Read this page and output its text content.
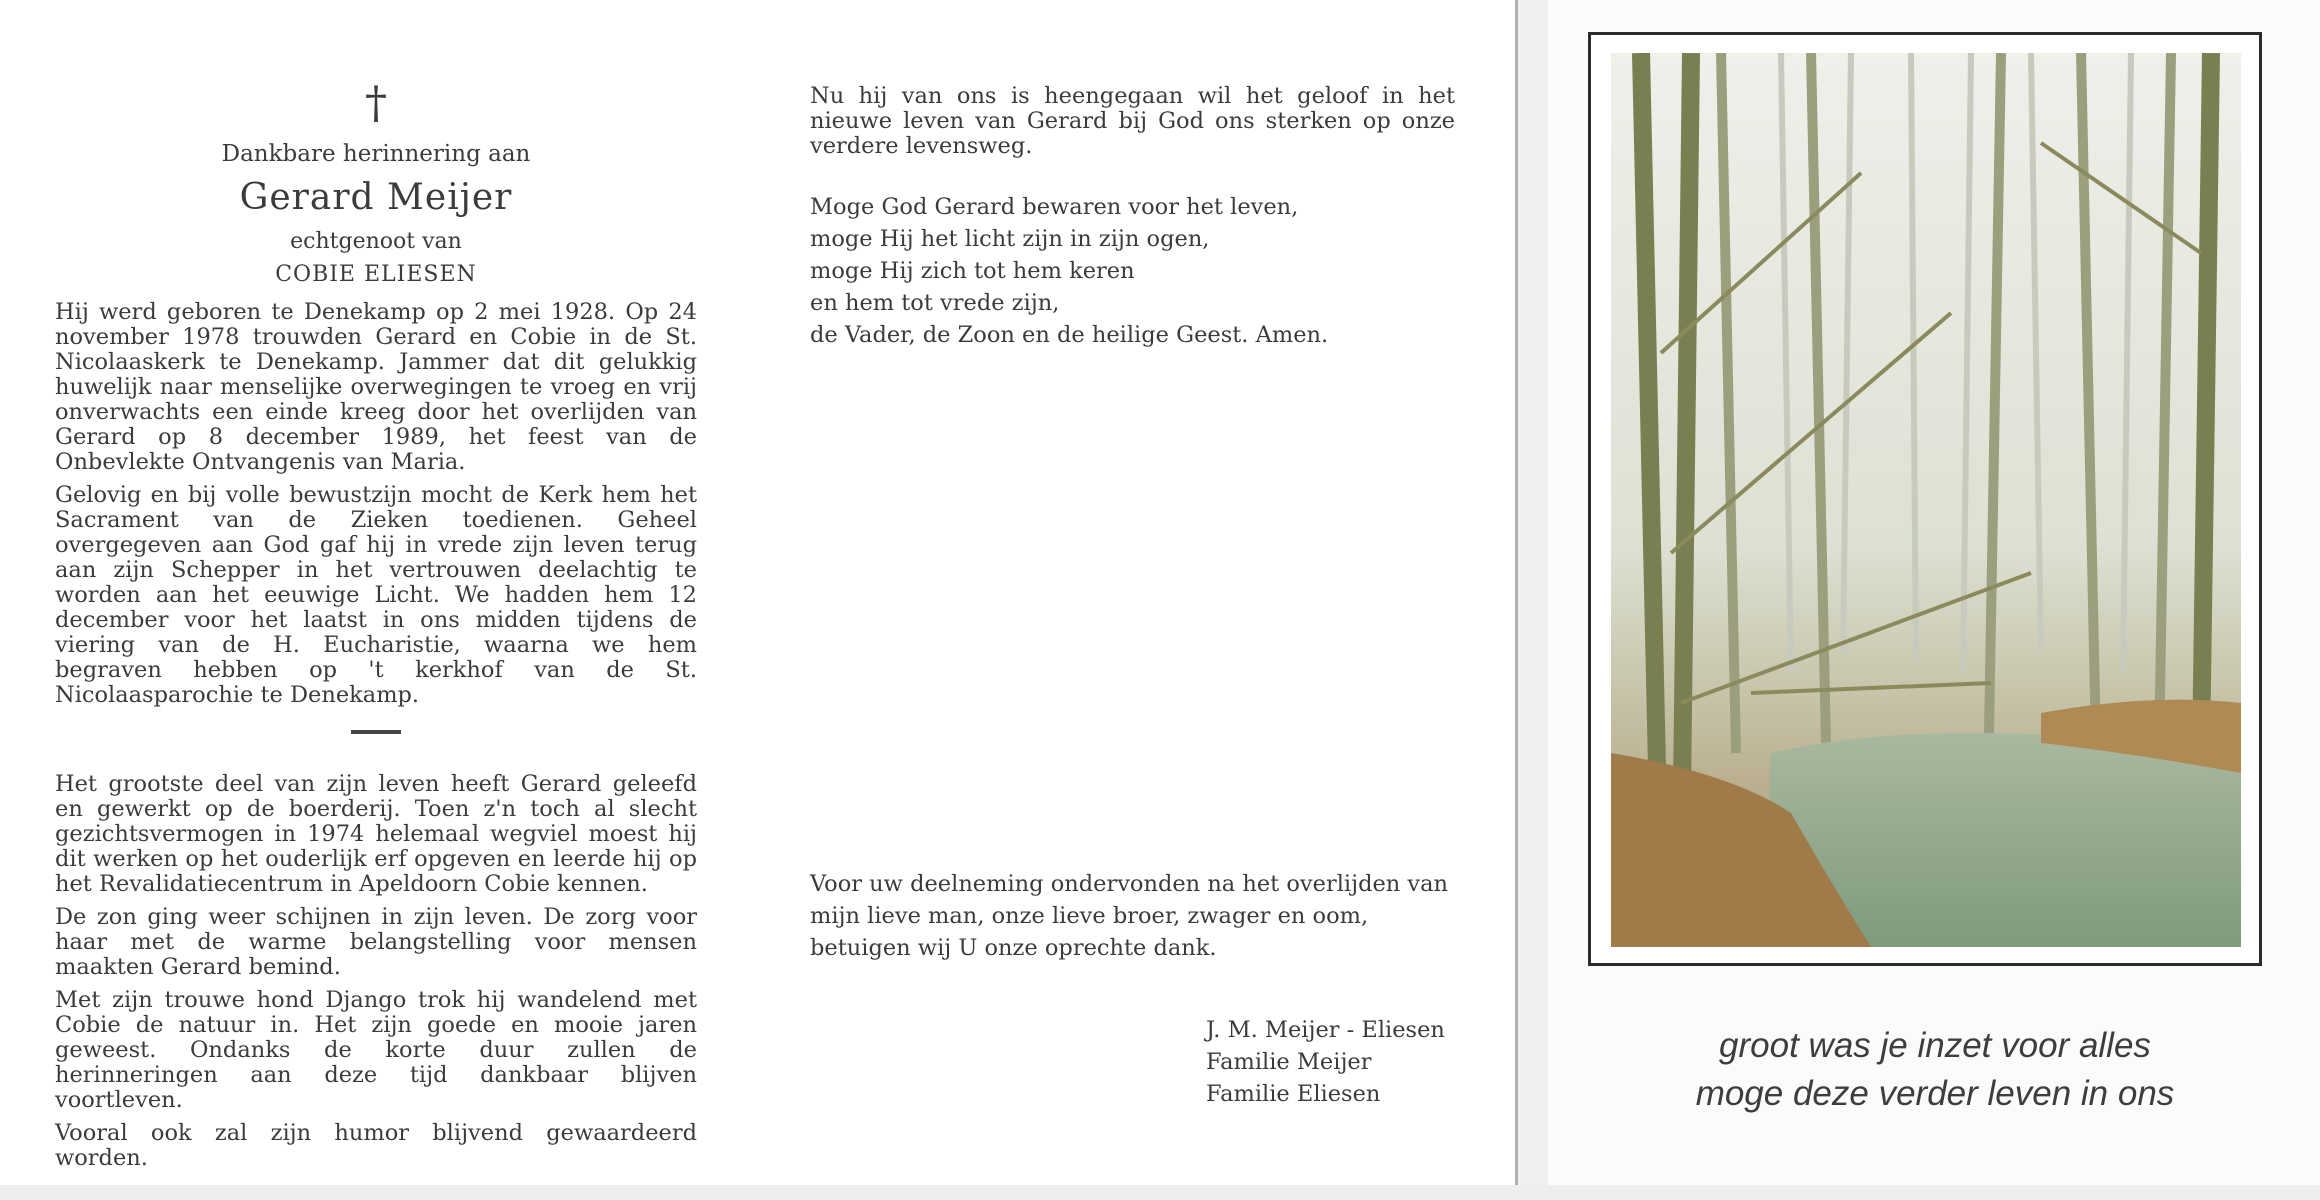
†
Dankbare herinnering aan
Gerard Meijer
echtgenoot van
COBIE ELIESEN

Hij werd geboren te Denekamp op 2 mei 1928. Op 24 november 1978 trouwden Gerard en Cobie in de St. Nicolaaskerk te Denekamp. Jammer dat dit gelukkig huwelijk naar menselijke overwegingen te vroeg en vrij onverwachts een einde kreeg door het overlijden van Gerard op 8 december 1989, het feest van de Onbevlekte Ontvangenis van Maria.

Gelovig en bij volle bewustzijn mocht de Kerk hem het Sacrament van de Zieken toedienen. Geheel overgegeven aan God gaf hij in vrede zijn leven terug aan zijn Schepper in het vertrouwen deelachtig te worden aan het eeuwige Licht. We hadden hem 12 december voor het laatst in ons midden tijdens de viering van de H. Eucharistie, waarna we hem begraven hebben op 't kerkhof van de St. Nicolaasparochie te Denekamp.

Het grootste deel van zijn leven heeft Gerard geleefd en gewerkt op de boerderij. Toen z'n toch al slecht gezichtsvermogen in 1974 helemaal wegviel moest hij dit werken op het ouderlijk erf opgeven en leerde hij op het Revalidatiecentrum in Apeldoorn Cobie kennen.

De zon ging weer schijnen in zijn leven. De zorg voor haar met de warme belangstelling voor mensen maakten Gerard bemind.

Met zijn trouwe hond Django trok hij wandelend met Cobie de natuur in. Het zijn goede en mooie jaren geweest. Ondanks de korte duur zullen de herinneringen aan deze tijd dankbaar blijven voortleven.

Vooral ook zal zijn humor blijvend gewaardeerd worden.

Nu hij van ons is heengegaan wil het geloof in het nieuwe leven van Gerard bij God ons sterken op onze verdere levensweg.
Moge God Gerard bewaren voor het leven,
moge Hij het licht zijn in zijn ogen,
moge Hij zich tot hem keren
en hem tot vrede zijn,
de Vader, de Zoon en de heilige Geest. Amen.
Voor uw deelneming ondervonden na het overlijden van mijn lieve man, onze lieve broer, zwager en oom, betuigen wij U onze oprechte dank.
J. M. Meijer - Eliesen
Familie Meijer
Familie Eliesen
groot was je inzet voor alles
moge deze verder leven in ons
